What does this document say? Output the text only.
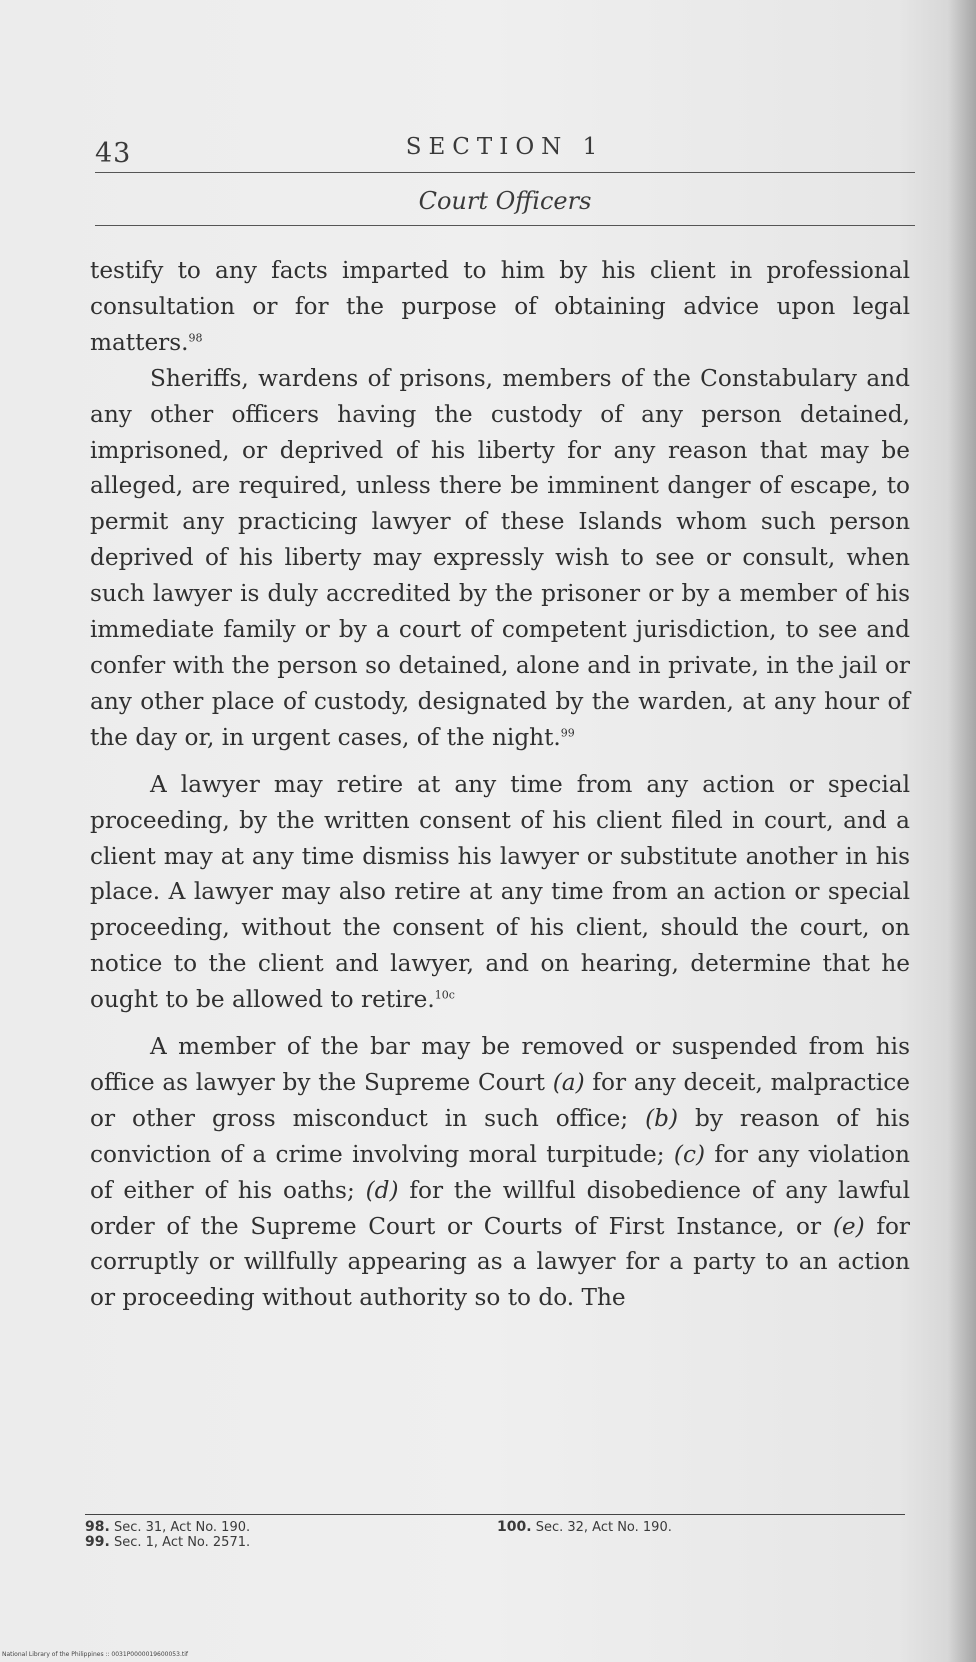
43	SECTION 1
Court Officers

testify to any facts imparted to him by his client in professional consultation or for the purpose of obtaining advice upon legal matters.$^{98}$

Sheriffs, wardens of prisons, members of the Constabulary and any other officers having the custody of any person detained, imprisoned, or deprived of his liberty for any reason that may be alleged, are required, unless there be imminent danger of escape, to permit any practicing lawyer of these Islands whom such person deprived of his liberty may expressly wish to see or consult, when such lawyer is duly accredited by the prisoner or by a member of his immediate family or by a court of competent jurisdiction, to see and confer with the person so detained, alone and in private, in the jail or any other place of custody, designated by the warden, at any hour of the day or, in urgent cases, of the night.$^{99}$

A lawyer may retire at any time from any action or special proceeding, by the written consent of his client filed in court, and a client may at any time dismiss his lawyer or substitute another in his place. A lawyer may also retire at any time from an action or special proceeding, without the consent of his client, should the court, on notice to the client and lawyer, and on hearing, determine that he ought to be allowed to retire.$^{10c}$

A member of the bar may be removed or suspended from his office as lawyer by the Supreme Court (a) for any deceit, malpractice or other gross misconduct in such office; (b) by reason of his conviction of a crime involving moral turpitude; (c) for any violation of either of his oaths; (d) for the willful disobedience of any lawful order of the Supreme Court or Courts of First Instance, or (e) for corruptly or willfully appearing as a lawyer for a party to an action or proceeding without authority so to do. The

98. Sec. 31, Act No. 190.
99. Sec. 1, Act No. 2571.
100. Sec. 32, Act No. 190.
National Library of the Philippines :: 0031P0000019600053.tif
